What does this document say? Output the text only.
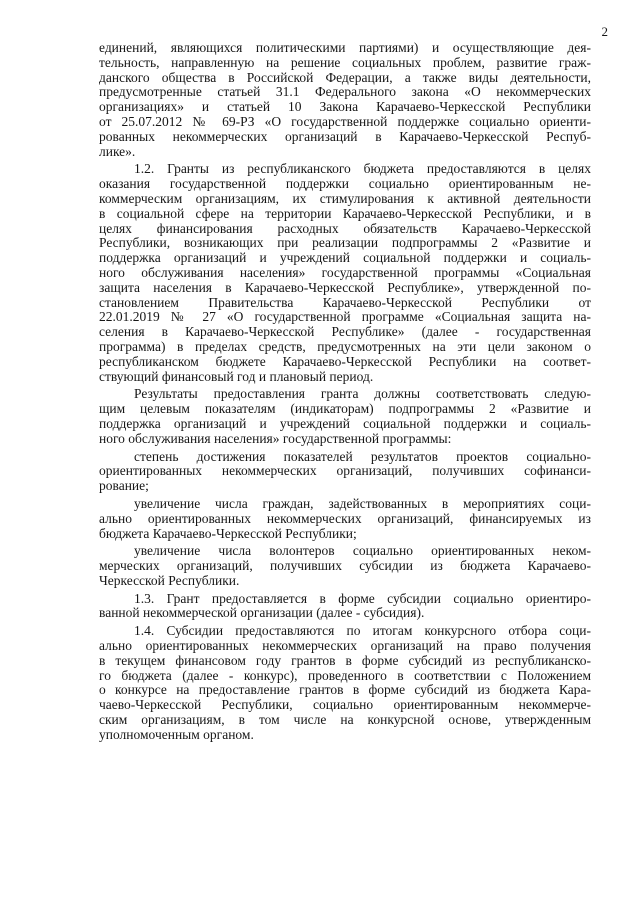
2
единений, являющихся политическими партиями) и осуществляющие дея-
тельность, направленную на решение социальных проблем, развитие граж-
данского общества в Российской Федерации, а также виды деятельности,
предусмотренные статьей 31.1 Федерального закона «О некоммерческих
организациях» и статьей 10 Закона Карачаево-Черкесской Республики
от 25.07.2012 № 69-РЗ «О государственной поддержке социально ориенти-
рованных некоммерческих организаций в Карачаево-Черкесской Респуб-
лике».
1.2. Гранты из республиканского бюджета предоставляются в целях
оказания государственной поддержки социально ориентированным не-
коммерческим организациям, их стимулирования к активной деятельности
в социальной сфере на территории Карачаево-Черкесской Республики, и в
целях финансирования расходных обязательств Карачаево-Черкесской
Республики, возникающих при реализации подпрограммы 2 «Развитие и
поддержка организаций и учреждений социальной поддержки и социаль-
ного обслуживания населения» государственной программы «Социальная
защита населения в Карачаево-Черкесской Республике», утвержденной по-
становлением Правительства Карачаево-Черкесской Республики от
22.01.2019 № 27 «О государственной программе «Социальная защита на-
селения в Карачаево-Черкесской Республике» (далее - государственная
программа) в пределах средств, предусмотренных на эти цели законом о
республиканском бюджете Карачаево-Черкесской Республики на соответ-
ствующий финансовый год и плановый период.
Результаты предоставления гранта должны соответствовать следую-
щим целевым показателям (индикаторам) подпрограммы 2 «Развитие и
поддержка организаций и учреждений социальной поддержки и социаль-
ного обслуживания населения» государственной программы:
степень достижения показателей результатов проектов социально-
ориентированных некоммерческих организаций, получивших софинанси-
рование;
увеличение числа граждан, задействованных в мероприятиях соци-
ально ориентированных некоммерческих организаций, финансируемых из
бюджета Карачаево-Черкесской Республики;
увеличение числа волонтеров социально ориентированных неком-
мерческих организаций, получивших субсидии из бюджета Карачаево-
Черкесской Республики.
1.3. Грант предоставляется в форме субсидии социально ориентиро-
ванной некоммерческой организации (далее - субсидия).
1.4. Субсидии предоставляются по итогам конкурсного отбора соци-
ально ориентированных некоммерческих организаций на право получения
в текущем финансовом году грантов в форме субсидий из республиканско-
го бюджета (далее - конкурс), проведенного в соответствии с Положением
о конкурсе на предоставление грантов в форме субсидий из бюджета Кара-
чаево-Черкесской Республики, социально ориентированным некоммерче-
ским организациям, в том числе на конкурсной основе, утвержденным
уполномоченным органом.
